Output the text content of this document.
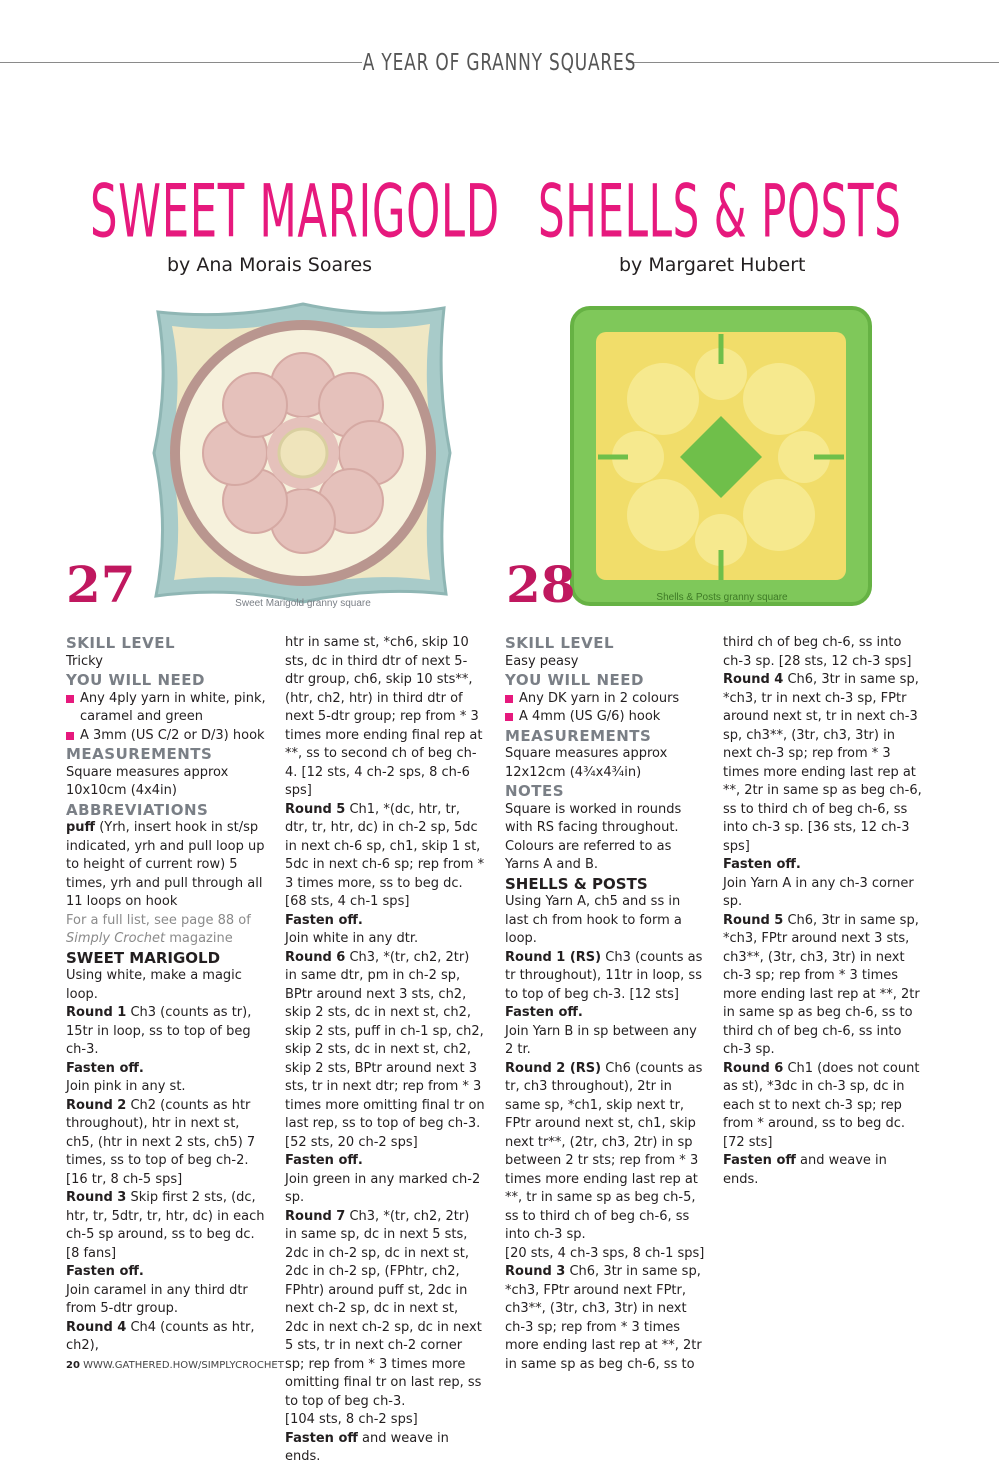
A YEAR OF GRANNY SQUARES
SWEET MARIGOLD SHELLS & POSTS
by Ana Morais Soares	by Margaret Hubert
Sweet Marigold granny square
Shells & Posts granny square
27	28

SKILL LEVEL

Tricky

YOU WILL NEED

Any 4ply yarn in white, pink, caramel and green

A 3mm (US C/2 or D/3) hook

MEASUREMENTS

Square measures approx 10x10cm (4x4in)

ABBREVIATIONS

puff (Yrh, insert hook in st/sp indicated, yrh and pull loop up to height of current row) 5 times, yrh and pull through all 11 loops on hook

For a full list, see page 88 of Simply Crochet magazine

SWEET MARIGOLD

Using white, make a magic loop.

Round 1 Ch3 (counts as tr), 15tr in loop, ss to top of beg ch-3.

Fasten off.

Join pink in any st.

Round 2 Ch2 (counts as htr throughout), htr in next st, ch5, (htr in next 2 sts, ch5) 7 times, ss to top of beg ch-2. [16 tr, 8 ch-5 sps]

Round 3 Skip first 2 sts, (dc, htr, tr, 5dtr, tr, htr, dc) in each ch-5 sp around, ss to beg dc. [8 fans]

Fasten off.

Join caramel in any third dtr from 5-dtr group.

Round 4 Ch4 (counts as htr, ch2),

htr in same st, *ch6, skip 10 sts, dc in third dtr of next 5-dtr group, ch6, skip 10 sts**, (htr, ch2, htr) in third dtr of next 5-dtr group; rep from * 3 times more ending final rep at **, ss to second ch of beg ch-4. [12 sts, 4 ch-2 sps, 8 ch-6 sps]

Round 5 Ch1, *(dc, htr, tr, dtr, tr, htr, dc) in ch-2 sp, 5dc in next ch-6 sp, ch1, skip 1 st, 5dc in next ch-6 sp; rep from * 3 times more, ss to beg dc. [68 sts, 4 ch-1 sps]

Fasten off.

Join white in any dtr.

Round 6 Ch3, *(tr, ch2, 2tr) in same dtr, pm in ch-2 sp, BPtr around next 3 sts, ch2, skip 2 sts, dc in next st, ch2, skip 2 sts, puff in ch-1 sp, ch2, skip 2 sts, dc in next st, ch2, skip 2 sts, BPtr around next 3 sts, tr in next dtr; rep from * 3 times more omitting final tr on last rep, ss to top of beg ch-3.

[52 sts, 20 ch-2 sps]

Fasten off.

Join green in any marked ch-2 sp.

Round 7 Ch3, *(tr, ch2, 2tr) in same sp, dc in next 5 sts, 2dc in ch-2 sp, dc in next st, 2dc in ch-2 sp, (FPhtr, ch2, FPhtr) around puff st, 2dc in next ch-2 sp, dc in next st, 2dc in next ch-2 sp, dc in next 5 sts, tr in next ch-2 corner sp; rep from * 3 times more omitting final tr on last rep, ss to top of beg ch-3.

[104 sts, 8 ch-2 sps]

Fasten off and weave in ends.

SKILL LEVEL

Easy peasy

YOU WILL NEED

Any DK yarn in 2 colours

A 4mm (US G/6) hook

MEASUREMENTS

Square measures approx 12x12cm (4¾x4¾in)

NOTES

Square is worked in rounds with RS facing throughout. Colours are referred to as Yarns A and B.

SHELLS & POSTS

Using Yarn A, ch5 and ss in last ch from hook to form a loop.

Round 1 (RS) Ch3 (counts as tr throughout), 11tr in loop, ss to top of beg ch-3. [12 sts]

Fasten off.

Join Yarn B in sp between any 2 tr.

Round 2 (RS) Ch6 (counts as tr, ch3 throughout), 2tr in same sp, *ch1, skip next tr, FPtr around next st, ch1, skip next tr**, (2tr, ch3, 2tr) in sp between 2 tr sts; rep from * 3 times more ending last rep at **, tr in same sp as beg ch-5, ss to third ch of beg ch-6, ss into ch-3 sp.

[20 sts, 4 ch-3 sps, 8 ch-1 sps]

Round 3 Ch6, 3tr in same sp, *ch3, FPtr around next FPtr, ch3**, (3tr, ch3, 3tr) in next ch-3 sp; rep from * 3 times more ending last rep at **, 2tr in same sp as beg ch-6, ss to

third ch of beg ch-6, ss into ch-3 sp. [28 sts, 12 ch-3 sps]

Round 4 Ch6, 3tr in same sp, *ch3, tr in next ch-3 sp, FPtr around next st, tr in next ch-3 sp, ch3**, (3tr, ch3, 3tr) in next ch-3 sp; rep from * 3 times more ending last rep at **, 2tr in same sp as beg ch-6, ss to third ch of beg ch-6, ss into ch-3 sp. [36 sts, 12 ch-3 sps]

Fasten off.

Join Yarn A in any ch-3 corner sp.

Round 5 Ch6, 3tr in same sp, *ch3, FPtr around next 3 sts, ch3**, (3tr, ch3, 3tr) in next ch-3 sp; rep from * 3 times more ending last rep at **, 2tr in same sp as beg ch-6, ss to third ch of beg ch-6, ss into ch-3 sp.

Round 6 Ch1 (does not count as st), *3dc in ch-3 sp, dc in each st to next ch-3 sp; rep from * around, ss to beg dc. [72 sts]

Fasten off and weave in ends.

20 WWW.GATHERED.HOW/SIMPLYCROCHET
